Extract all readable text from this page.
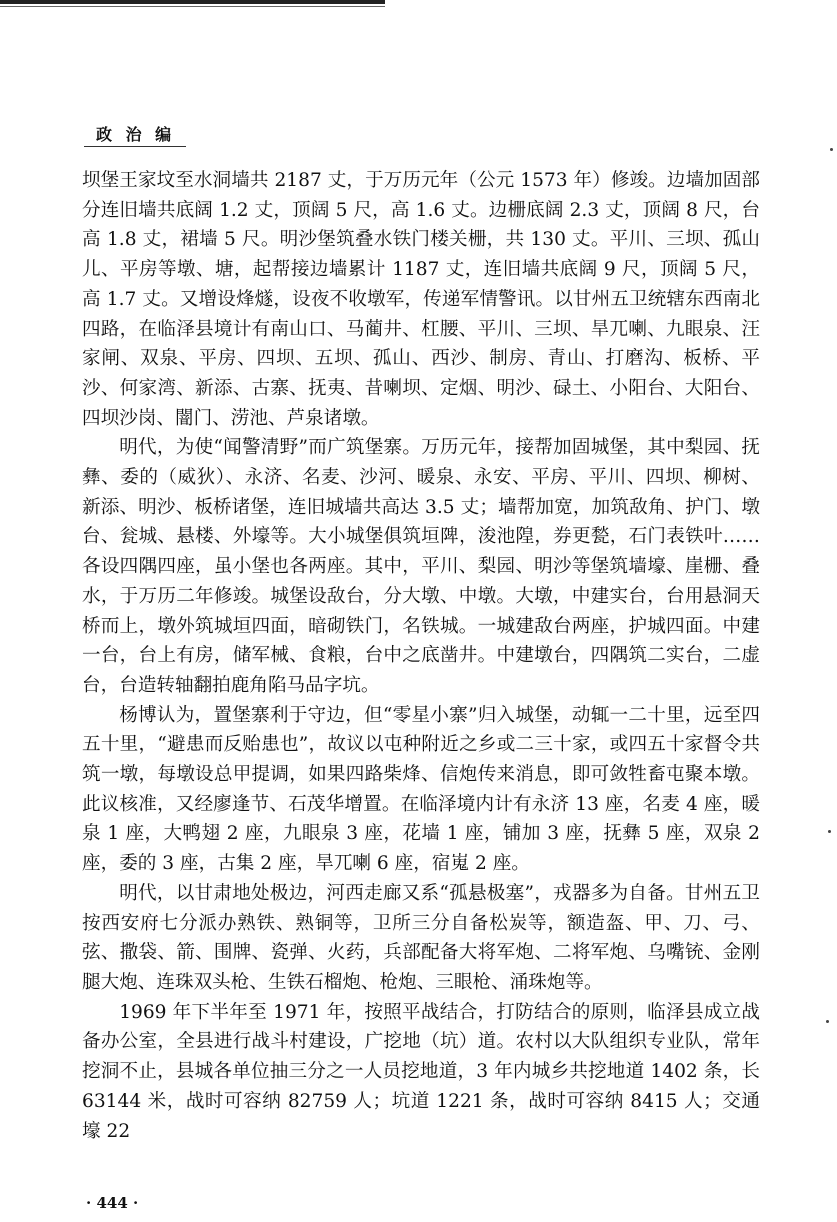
政 治 编

坝堡王家坟至水洞墙共 2187 丈，于万历元年（公元 1573 年）修竣。边墙加固部分连旧墙共底阔 1.2 丈，顶阔 5 尺，高 1.6 丈。边栅底阔 2.3 丈，顶阔 8 尺，台高 1.8 丈，裙墙 5 尺。明沙堡筑叠水铁门楼关栅，共 130 丈。平川、三坝、孤山儿、平房等墩、塘，起帮接边墙累计 1187 丈，连旧墙共底阔 9 尺，顶阔 5 尺，高 1.7 丈。又增设烽燧，设夜不收墩军，传递军情警讯。以甘州五卫统辖东西南北四路，在临泽县境计有南山口、马蔺井、杠腰、平川、三坝、旱兀喇、九眼泉、汪家闸、双泉、平房、四坝、五坝、孤山、西沙、制房、青山、打磨沟、板桥、平沙、何家湾、新添、古寨、抚夷、昔喇坝、定烟、明沙、碌土、小阳台、大阳台、四坝沙岗、闇门、涝池、芦泉诸墩。

明代，为使“闻警清野”而广筑堡寨。万历元年，接帮加固城堡，其中梨园、抚彝、委的（威狄）、永济、名麦、沙河、暖泉、永安、平房、平川、四坝、柳树、新添、明沙、板桥诸堡，连旧城墙共高达 3.5 丈；墙帮加宽，加筑敌角、护门、墩台、瓮城、悬楼、外壕等。大小城堡俱筑垣陴，浚池隍，券更甃，石门表铁叶……各设四隅四座，虽小堡也各两座。其中，平川、梨园、明沙等堡筑墙壕、崖栅、叠水，于万历二年修竣。城堡设敌台，分大墩、中墩。大墩，中建实台，台用悬洞天桥而上，墩外筑城垣四面，暗砌铁门，名铁城。一城建敌台两座，护城四面。中建一台，台上有房，储军械、食粮，台中之底凿井。中建墩台，四隅筑二实台，二虚台，台造转轴翻拍鹿角陷马品字坑。

杨博认为，置堡寨利于守边，但“零星小寨”归入城堡，动辄一二十里，远至四五十里，“避患而反贻患也”，故议以屯种附近之乡或二三十家，或四五十家督令共筑一墩，每墩设总甲提调，如果四路柴烽、信炮传来消息，即可敛牲畜屯聚本墩。此议核准，又经廖逢节、石茂华增置。在临泽境内计有永济 13 座，名麦 4 座，暖泉 1 座，大鸭翅 2 座，九眼泉 3 座，花墙 1 座，铺加 3 座，抚彝 5 座，双泉 2 座，委的 3 座，古集 2 座，旱兀喇 6 座，宿嵬 2 座。

明代，以甘肃地处极边，河西走廊又系“孤悬极塞”，戎器多为自备。甘州五卫按西安府七分派办熟铁、熟铜等，卫所三分自备松炭等，额造盔、甲、刀、弓、弦、撒袋、箭、围牌、瓷弹、火药，兵部配备大将军炮、二将军炮、乌嘴铳、金刚腿大炮、连珠双头枪、生铁石榴炮、枪炮、三眼枪、涌珠炮等。

1969 年下半年至 1971 年，按照平战结合，打防结合的原则，临泽县成立战备办公室，全县进行战斗村建设，广挖地（坑）道。农村以大队组织专业队，常年挖洞不止，县城各单位抽三分之一人员挖地道，3 年内城乡共挖地道 1402 条，长 63144 米，战时可容纳 82759 人；坑道 1221 条，战时可容纳 8415 人；交通壕 22

· 444 ·
